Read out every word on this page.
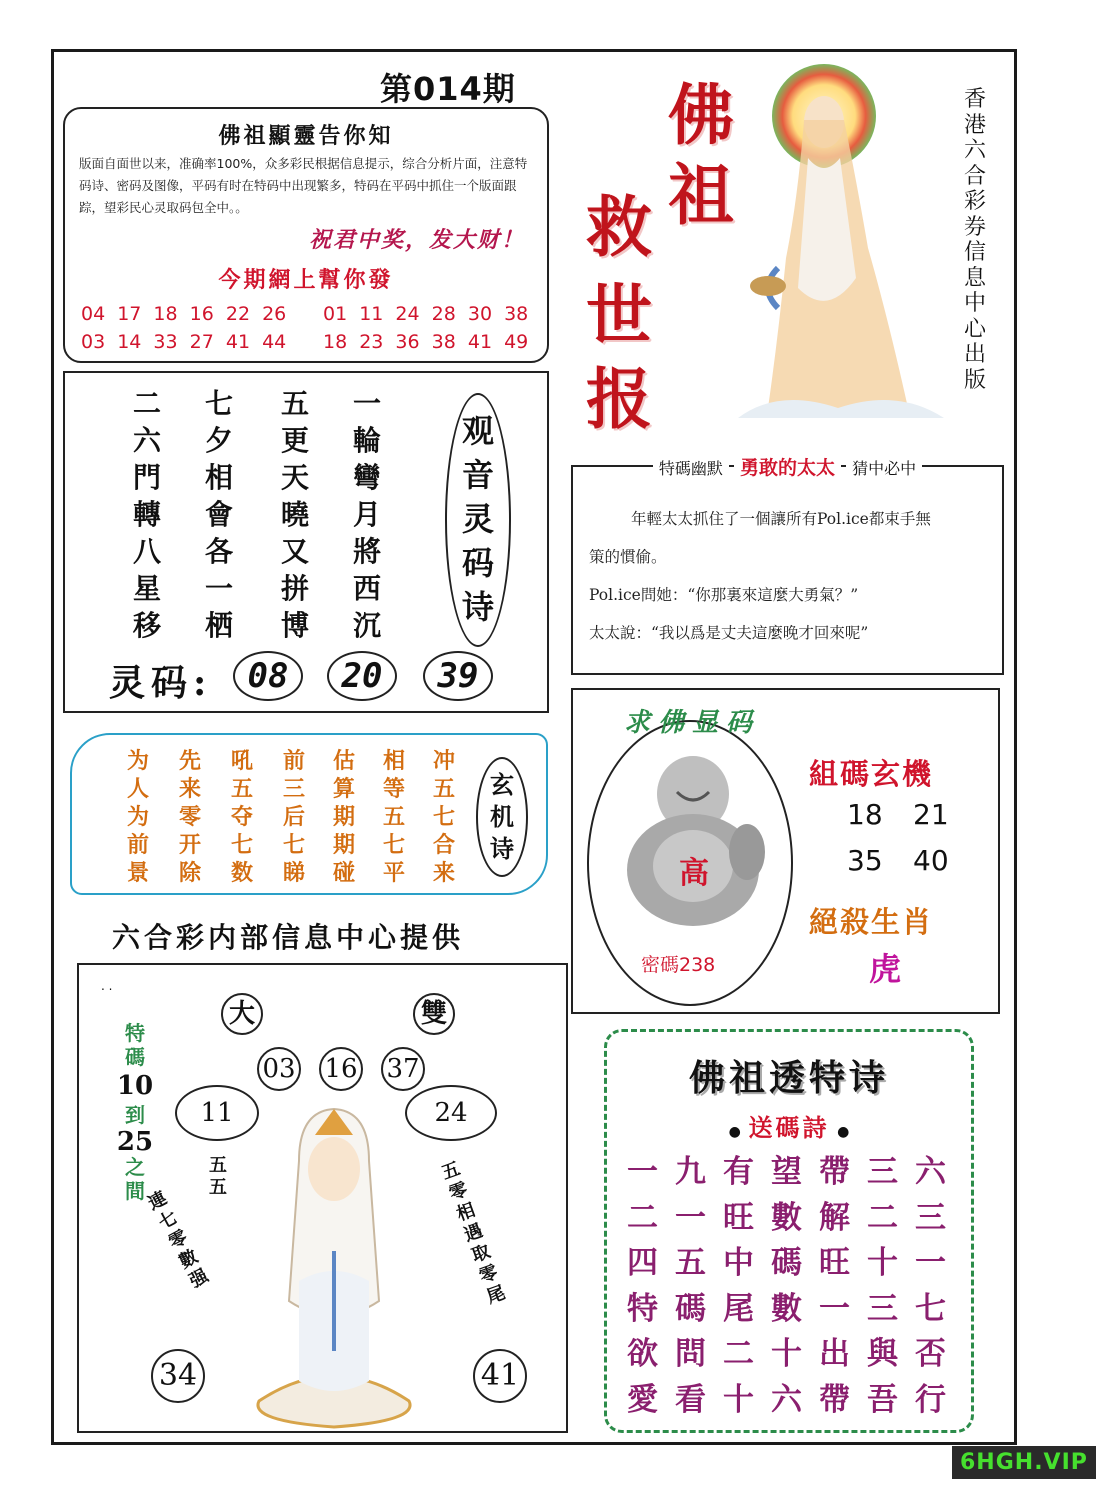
第014期
佛祖顯靈告你知
版面自面世以来，准确率100%，众多彩民根据信息提示，综合分析片面，注意特码诗、密码及图像，平码有时在特码中出现繁多，特码在平码中抓住一个版面跟踪，望彩民心灵取码包全中。。
祝君中奖，发大财！
今期網上幫你發
04 17 18 16 22 26 01 11 24 28 30 38
03 14 33 27 41 44 18 23 36 38 41 49
佛
祖
救
世
报
香港六合彩券信息中心出版
二六門轉八星移
七夕相會各一栖
五更天曉又拼博
一輪彎月將西沉
观音灵码诗
灵码:	08	20	39
为人为前景
先来零开除
吼五夺七数
前三后七睇
估算期期碰
相等五七平
冲五七合来
玄机诗
六合彩内部信息中心提供
. .
大	雙
03 16 37
11	24
特碼
10
到
25
之間
五五
連七零數强
五零相遇取零尾
34	41
特碼幽默 勇敢的太太 猜中必中

年輕太太抓住了一個讓所有Pol.ice都束手無

策的慣偷。

Pol.ice問她：“你那裏來這麼大勇氣？”

太太說：“我以爲是丈夫這麼晚才回來呢”

求佛显码
高
密碼238
組碼玄機
18 21
35 40
絕殺生肖
虎
佛祖透特诗
● 送碼詩 ●
一九有望帶三六
二一旺數解二三
四五中碼旺十一
特碼尾數一三七
欲問二十出與否
愛看十六帶吾行
6HGH.VIP
